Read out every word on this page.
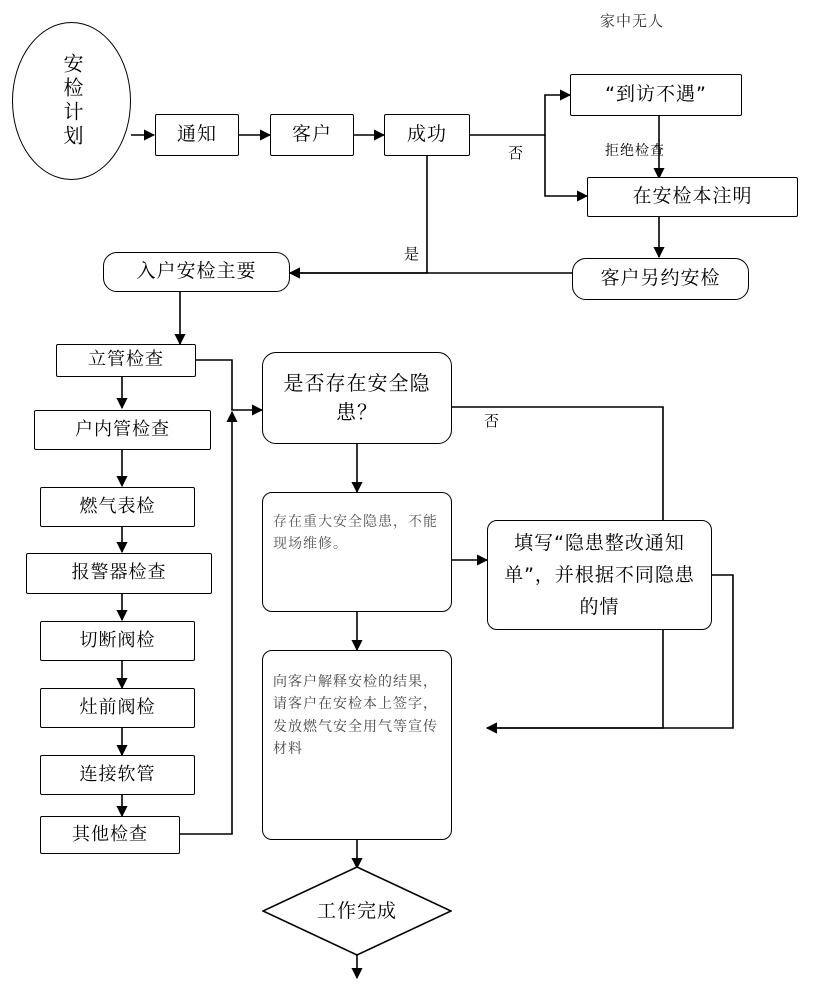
安检计划	通知	客户	成功
家中无人
“到访不遇”
拒绝检查
在安检本注明
客户另约安检
否
是
入户安检主要
立管检查
户内管检查
燃气表检
报警器检查
切断阀检
灶前阀检
连接软管
其他检查
是否存在安全隐患？	否
存在重大安全隐患，不能现场维修。	填写“隐患整改通知单”，并根据不同隐患的情
向客户解释安检的结果，请客户在安检本上签字，发放燃气安全用气等宣传材料
工作完成
